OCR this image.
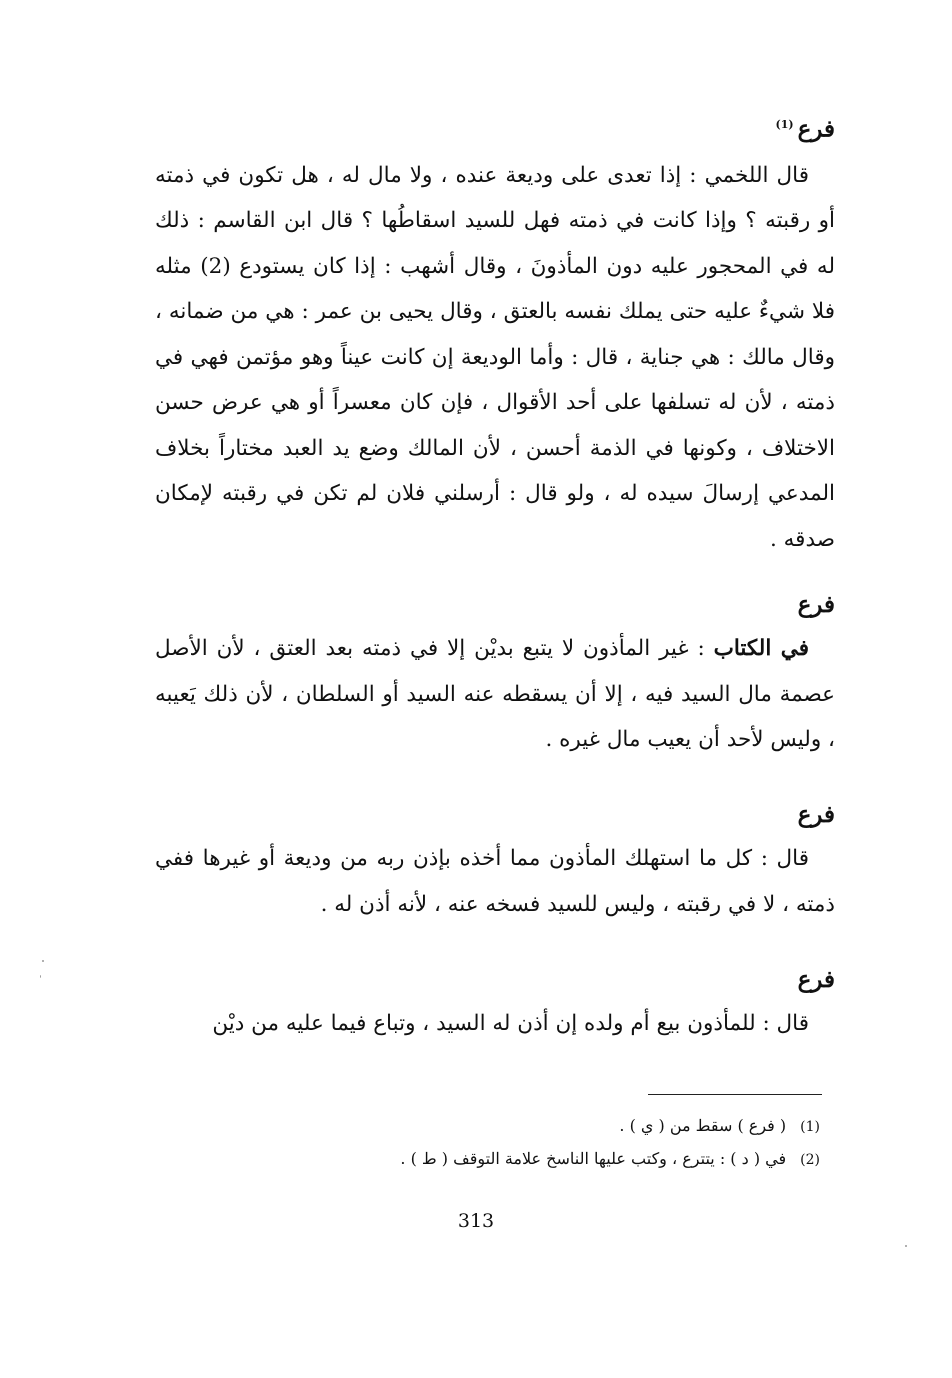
فرع$^{(1)}$

قال اللخمي : إذا تعدى على وديعة عنده ، ولا مال له ، هل تكون في ذمته أو رقبته ؟ وإذا كانت في ذمته فهل للسيد اسقاطُها ؟ قال ابن القاسم : ذلك له في المحجور عليه دون المأذونَ ، وقال أشهب : إذا كان يستودع (2) مثله فلا شيءٌ عليه حتى يملك نفسه بالعتق ، وقال يحيى بن عمر : هي من ضمانه ، وقال مالك : هي جناية ، قال : وأما الوديعة إن كانت عيناً وهو مؤتمن فهي في ذمته ، لأن له تسلفها على أحد الأقوال ، فإن كان معسراً أو هي عرض حسن الاختلاف ، وكونها في الذمة أحسن ، لأن المالك وضع يد العبد مختاراً بخلاف المدعي إرسالَ سيده له ، ولو قال : أرسلني فلان لم تكن في رقبته لإمكان صدقه .

فرع

في الكتاب : غير المأذون لا يتبع بديْن إلا في ذمته بعد العتق ، لأن الأصل عصمة مال السيد فيه ، إلا أن يسقطه عنه السيد أو السلطان ، لأن ذلك يَعيبه ، وليس لأحد أن يعيب مال غيره .

فرع

قال : كل ما استهلك المأذون مما أخذه بإذن ربه من وديعة أو غيرها ففي ذمته ، لا في رقبته ، وليس للسيد فسخه عنه ، لأنه أذن له .

فرع

قال : للمأذون بيع أم ولده إن أذن له السيد ، وتباع فيما عليه من ديْن

(1)( فرع ) سقط من ( ي ) .
(2)في ( د ) : يتترع ، وكتب عليها الناسخ علامة التوقف ( ط ) .
313
